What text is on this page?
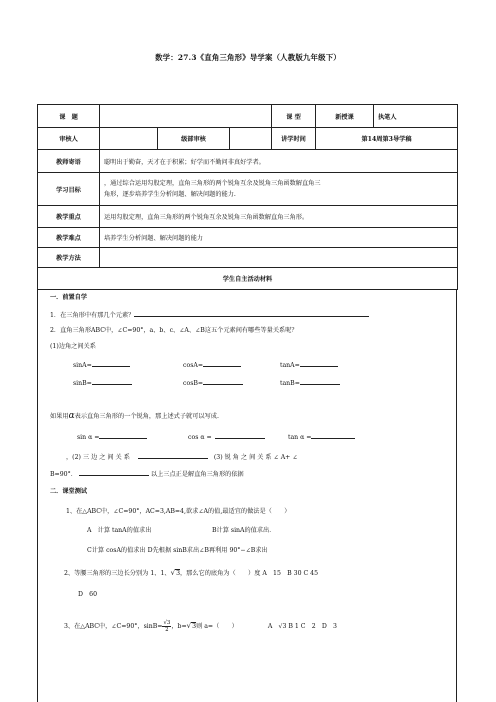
数学：27.3《直角三角形》导学案（人教版九年级下）
课　题				课 型	新授课	执笔人
审核人		级部审核		讲学时间	第14周第3导学稿	
教师寄语	聪明出于勤奋，天才在于积累；好学而不勤问非真好学者。					
学习目标	，通过综合运用勾股定理，直角三角形的两个锐角互余及锐角三角函数解直角三
角形，逐步培养学生分析问题、解决问题的能力.					

教学重点	运用勾股定理，直角三角形的两个锐角互余及锐角三角函数解直角三角形。					
教学难点	培养学生分析问题、解决问题的能力					
教学方法						
学生自主活动材料						
一．前置自学
1．在三角形中有那几个元素？
2．直角三角形ABC中，∠C=90°，a、b、c、∠A、∠B这五个元素间有哪些等量关系呢？
(1)边角之间关系
sinA=	cosA=	tanA=
sinB=	cosB=	tanB=
如果用α表示直角三角形的一个锐角，那上述式子就可以写成.
sin α =	cos α =	tan α =
，(2) 三 边 之 间 关 系	(3) 锐 角 之 间 关 系 ∠ A+ ∠
B=90°．	以上三点正是解直角三角形的依据
二．课堂测试
1、在△ABC中，∠C=90°，AC=3,AB=4,欲求∠A的值,最适宜的做法是（　　）
A　计算 tanA的值求出	B计算 sinA的值求出．
C计算 cosA的值求出 D先根据 sinB求出∠B再利用 90°−∠B求出
2、等腰三角形的三边长分别为 1、1、√3，那么它的底角为（　　）度 A　15　B 30 C 45
D　60
3、在△ABC中，∠C=90°，$\sin B= \frac{√3}{2}$ ，b=√3则 a=（　　）	A　√3 B 1 C　2　D　3
